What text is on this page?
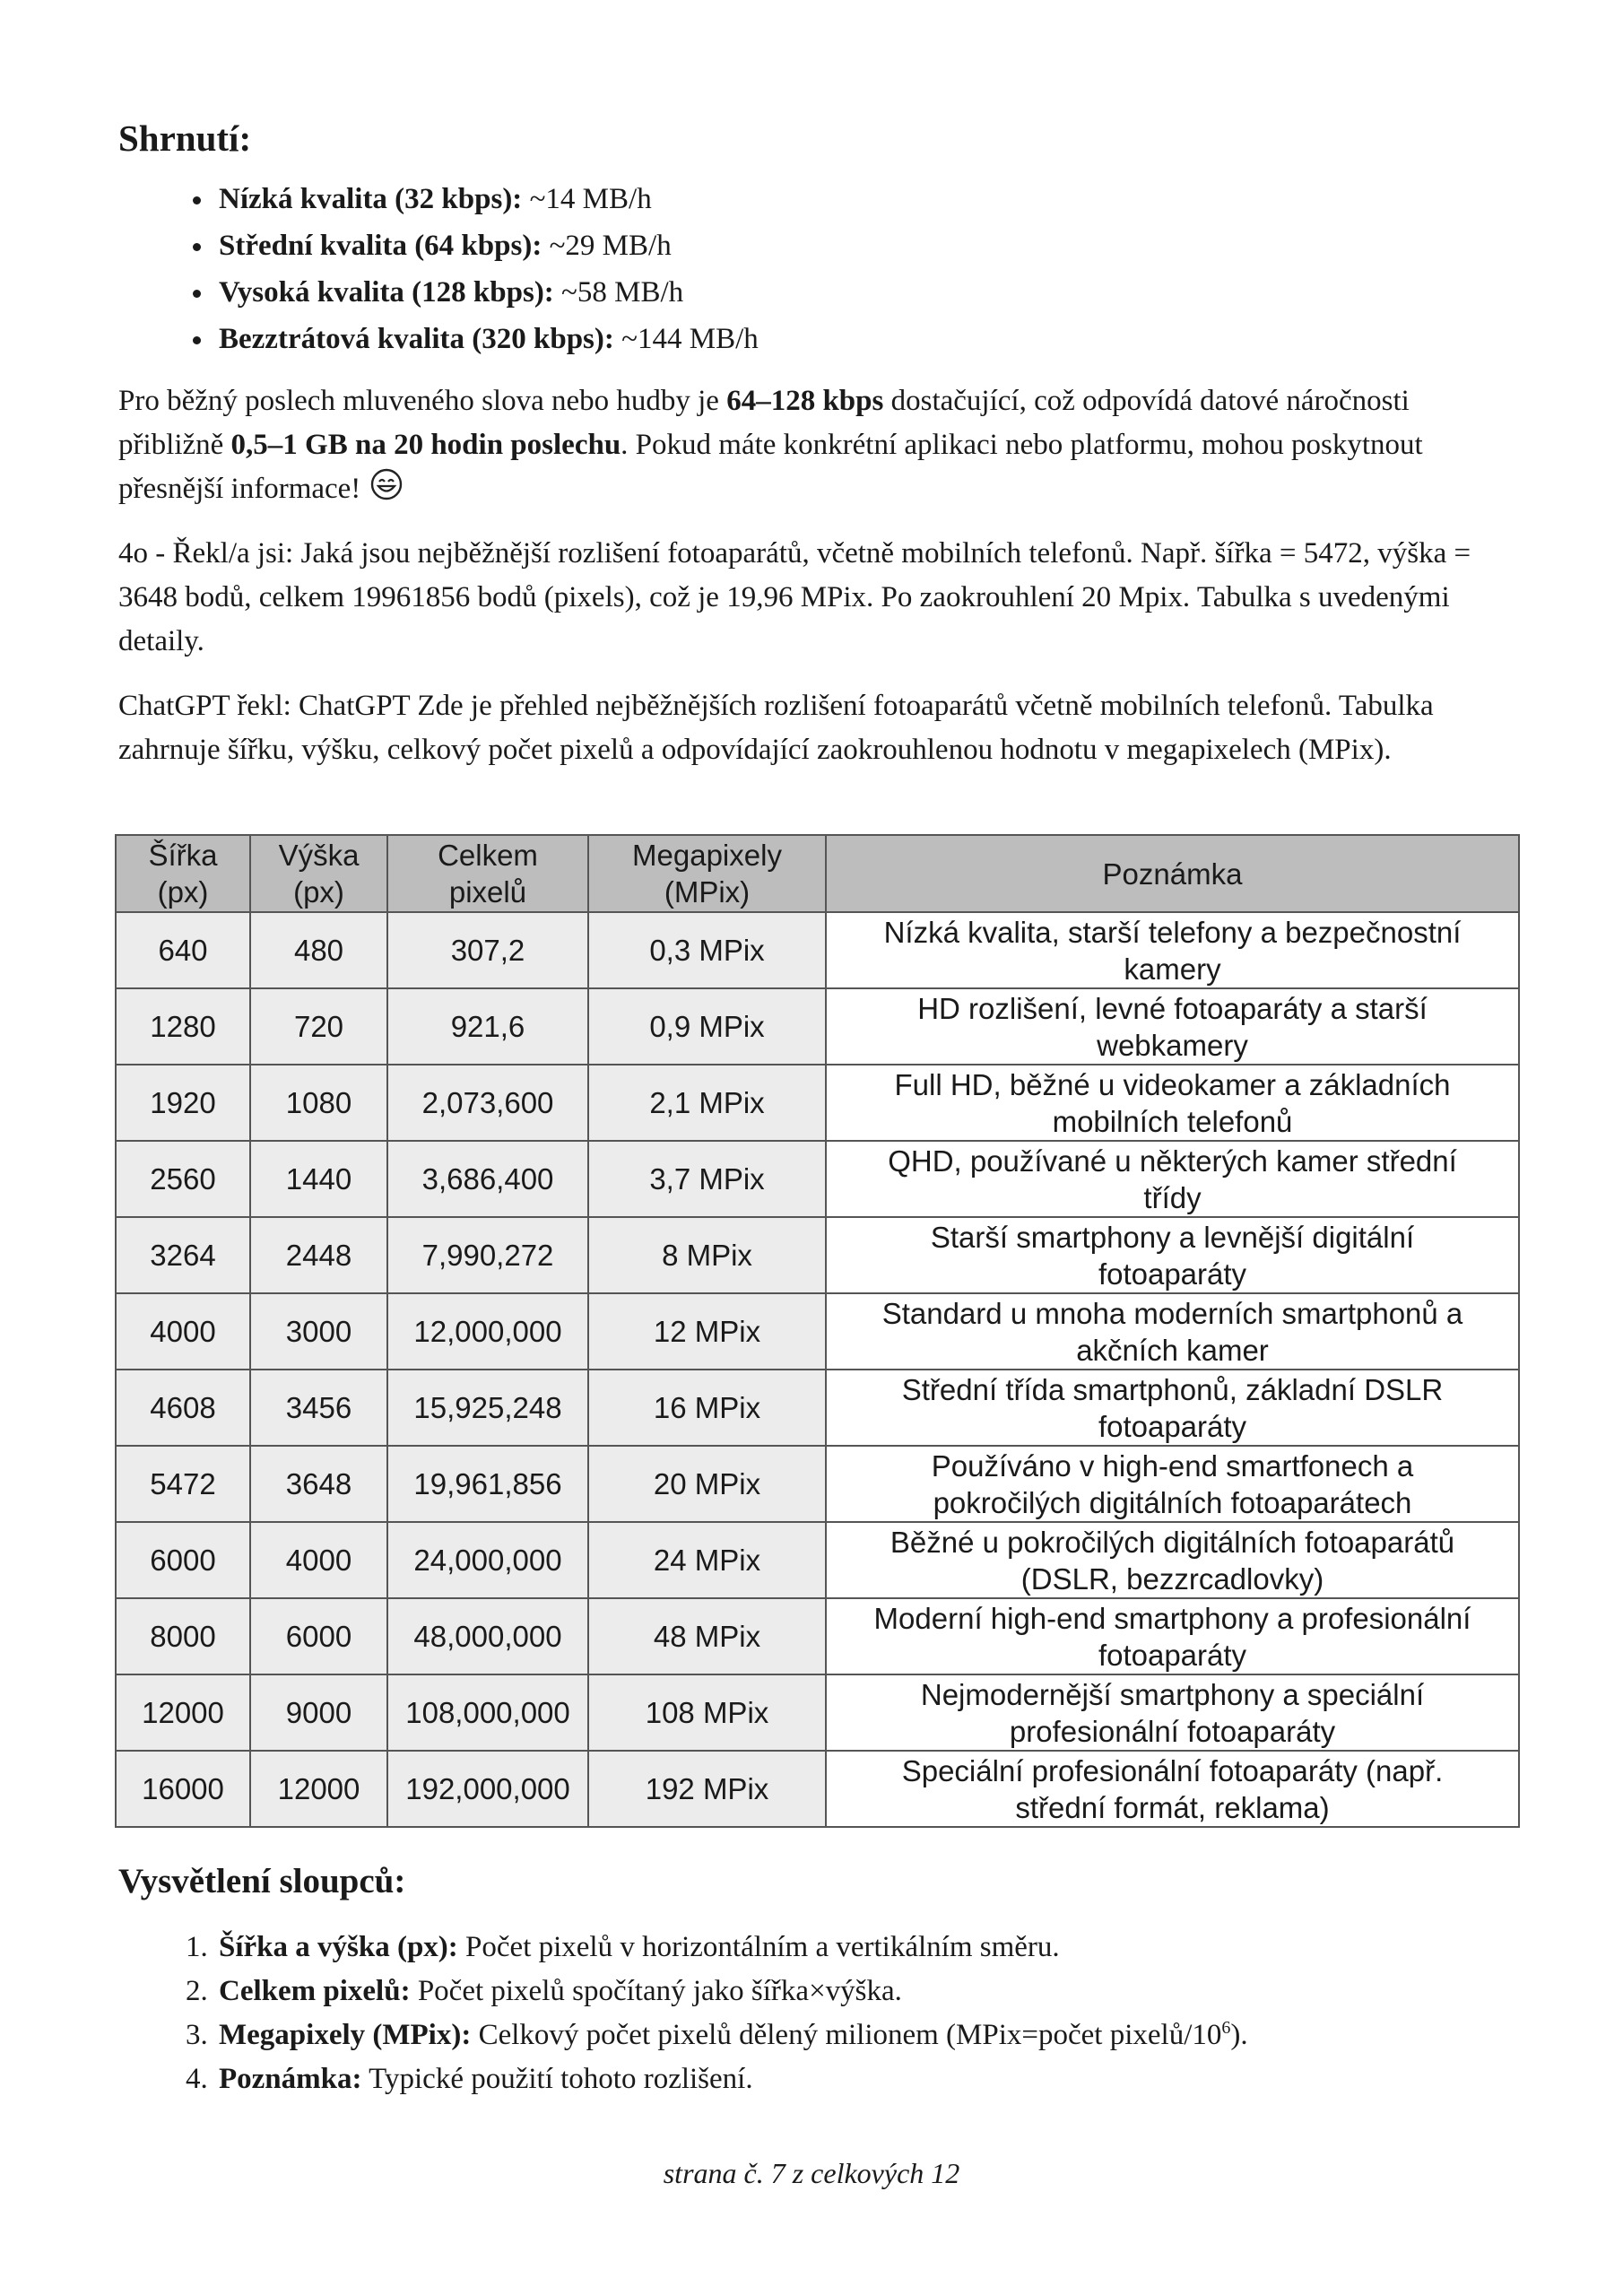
Shrnutí:
• Nízká kvalita (32 kbps): ~14 MB/h
• Střední kvalita (64 kbps): ~29 MB/h
• Vysoká kvalita (128 kbps): ~58 MB/h
• Bezztrátová kvalita (320 kbps): ~144 MB/h

Pro běžný poslech mluveného slova nebo hudby je 64–128 kbps dostačující, což odpovídá datové náročnosti přibližně 0,5–1 GB na 20 hodin poslechu. Pokud máte konkrétní aplikaci nebo platformu, mohou poskytnout přesnější informace!

4o - Řekl/a jsi: Jaká jsou nejběžnější rozlišení fotoaparátů, včetně mobilních telefonů. Např. šířka = 5472, výška = 3648 bodů, celkem 19961856 bodů (pixels), což je 19,96 MPix. Po zaokrouhlení 20 Mpix. Tabulka s uvedenými detaily.

ChatGPT řekl: ChatGPT Zde je přehled nejběžnějších rozlišení fotoaparátů včetně mobilních telefonů. Tabulka zahrnuje šířku, výšku, celkový počet pixelů a odpovídající zaokrouhlenou hodnotu v megapixelech (MPix).

Šířka
(px)	Výška
(px)	Celkem
pixelů	Megapixely
(MPix)	Poznámka
640	480	307,2	0,3 MPix	Nízká kvalita, starší telefony a bezpečnostní
kamery
1280	720	921,6	0,9 MPix	HD rozlišení, levné fotoaparáty a starší
webkamery
1920	1080	2,073,600	2,1 MPix	Full HD, běžné u videokamer a základních
mobilních telefonů
2560	1440	3,686,400	3,7 MPix	QHD, používané u některých kamer střední
třídy
3264	2448	7,990,272	8 MPix	Starší smartphony a levnější digitální
fotoaparáty
4000	3000	12,000,000	12 MPix	Standard u mnoha moderních smartphonů a
akčních kamer
4608	3456	15,925,248	16 MPix	Střední třída smartphonů, základní DSLR
fotoaparáty
5472	3648	19,961,856	20 MPix	Používáno v high-end smartfonech a
pokročilých digitálních fotoaparátech
6000	4000	24,000,000	24 MPix	Běžné u pokročilých digitálních fotoaparátů
(DSLR, bezzrcadlovky)
8000	6000	48,000,000	48 MPix	Moderní high-end smartphony a profesionální
fotoaparáty
12000	9000	108,000,000	108 MPix	Nejmodernější smartphony a speciální
profesionální fotoaparáty
16000	12000	192,000,000	192 MPix	Speciální profesionální fotoaparáty (např.
střední formát, reklama)
Vysvětlení sloupců:
1. Šířka a výška (px): Počet pixelů v horizontálním a vertikálním směru.
2. Celkem pixelů: Počet pixelů spočítaný jako šířka×výška.
3. Megapixely (MPix): Celkový počet pixelů dělený milionem (MPix=počet pixelů/$10^6$).
4. Poznámka: Typické použití tohoto rozlišení.
strana č. 7 z celkových 12
